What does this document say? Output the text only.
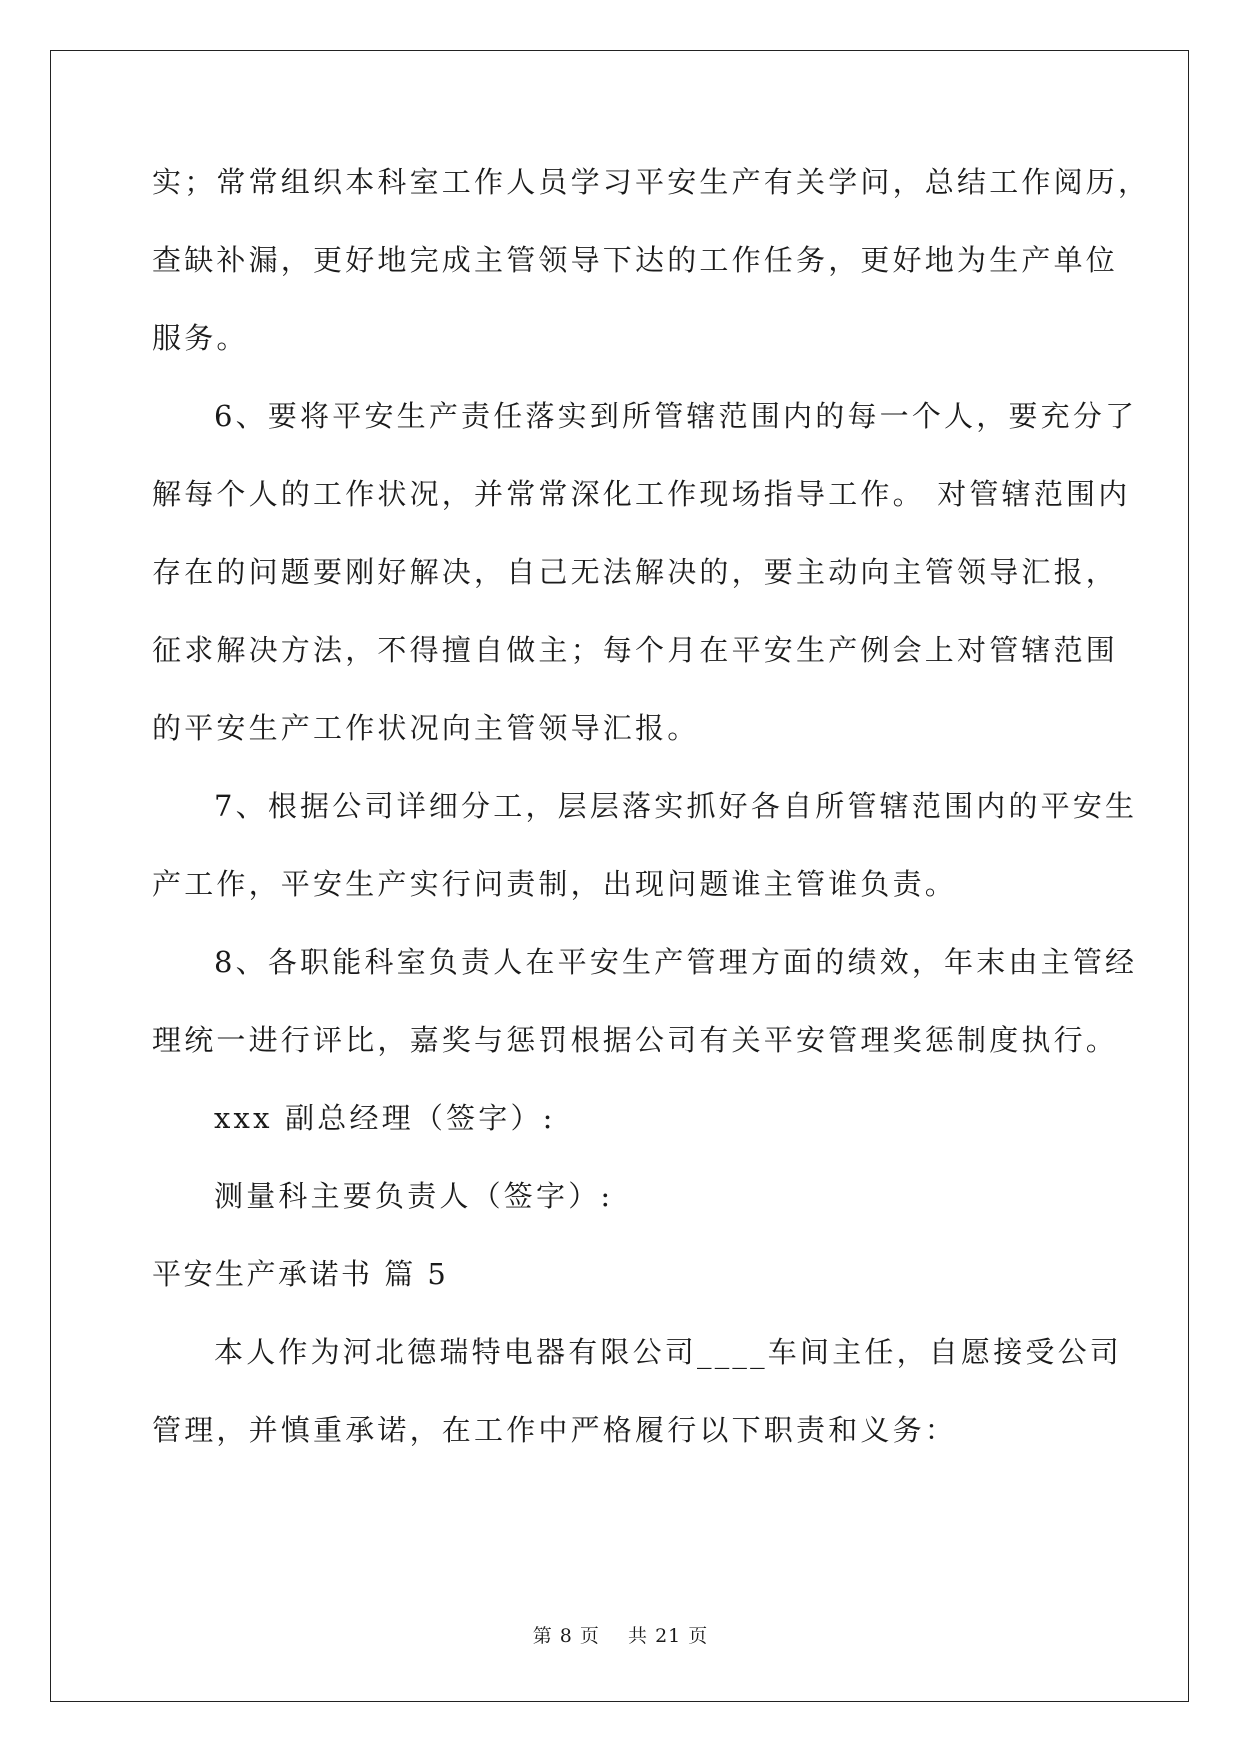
实；常常组织本科室工作人员学习平安生产有关学问，总结工作阅历，
查缺补漏，更好地完成主管领导下达的工作任务，更好地为生产单位
服务。
6、要将平安生产责任落实到所管辖范围内的每一个人，要充分了
解每个人的工作状况，并常常深化工作现场指导工作。 对管辖范围内
存在的问题要刚好解决，自己无法解决的，要主动向主管领导汇报，
征求解决方法，不得擅自做主；每个月在平安生产例会上对管辖范围
的平安生产工作状况向主管领导汇报。
7、根据公司详细分工，层层落实抓好各自所管辖范围内的平安生
产工作，平安生产实行问责制，出现问题谁主管谁负责。
8、各职能科室负责人在平安生产管理方面的绩效，年末由主管经
理统一进行评比，嘉奖与惩罚根据公司有关平安管理奖惩制度执行。
xxx 副总经理（签字）:
测量科主要负责人（签字）:
平安生产承诺书 篇 5
本人作为河北德瑞特电器有限公司____车间主任，自愿接受公司
管理，并慎重承诺，在工作中严格履行以下职责和义务：
第 8 页 共 21 页
